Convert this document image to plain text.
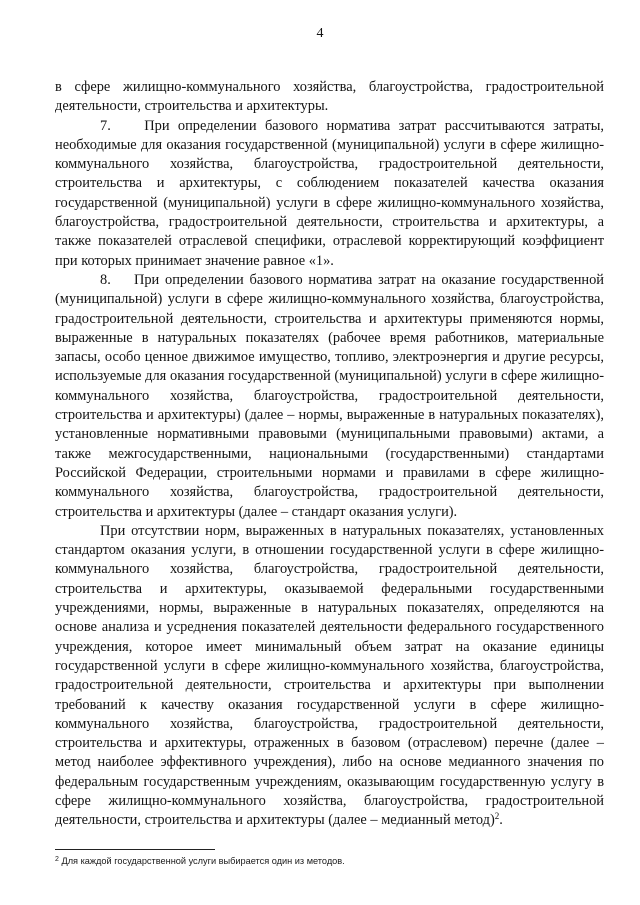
4

в сфере жилищно-коммунального хозяйства, благоустройства, градостроительной деятельности, строительства и архитектуры.

7.    При определении базового норматива затрат рассчитываются затраты, необходимые для оказания государственной (муниципальной) услуги в сфере жилищно-коммунального хозяйства, благоустройства, градостроительной деятельности, строительства и архитектуры, с соблюдением показателей качества оказания государственной (муниципальной) услуги в сфере жилищно-коммунального хозяйства, благоустройства, градостроительной деятельности, строительства и архитектуры, а также показателей отраслевой специфики, отраслевой корректирующий коэффициент при которых принимает значение равное «1».

8.    При определении базового норматива затрат на оказание государственной (муниципальной) услуги в сфере жилищно-коммунального хозяйства, благоустройства, градостроительной деятельности, строительства и архитектуры применяются нормы, выраженные в натуральных показателях (рабочее время работников, материальные запасы, особо ценное движимое имущество, топливо, электроэнергия и другие ресурсы, используемые для оказания государственной (муниципальной) услуги в сфере жилищно-коммунального хозяйства, благоустройства, градостроительной деятельности, строительства и архитектуры) (далее – нормы, выраженные в натуральных показателях), установленные нормативными правовыми (муниципальными правовыми) актами, а также межгосударственными, национальными (государственными) стандартами Российской Федерации, строительными нормами и правилами в сфере жилищно-коммунального хозяйства, благоустройства, градостроительной деятельности, строительства и архитектуры (далее – стандарт оказания услуги).

При отсутствии норм, выраженных в натуральных показателях, установленных стандартом оказания услуги, в отношении государственной услуги в сфере жилищно-коммунального хозяйства, благоустройства, градостроительной деятельности, строительства и архитектуры, оказываемой федеральными государственными учреждениями, нормы, выраженные в натуральных показателях, определяются на основе анализа и усреднения показателей деятельности федерального государственного учреждения, которое имеет минимальный объем затрат на оказание единицы государственной услуги в сфере жилищно-коммунального хозяйства, благоустройства, градостроительной деятельности, строительства и архитектуры при выполнении требований к качеству оказания государственной услуги в сфере жилищно-коммунального хозяйства, благоустройства, градостроительной деятельности, строительства и архитектуры, отраженных в базовом (отраслевом) перечне (далее – метод наиболее эффективного учреждения), либо на основе медианного значения по федеральным государственным учреждениям, оказывающим государственную услугу в сфере жилищно-коммунального хозяйства, благоустройства, градостроительной деятельности, строительства и архитектуры (далее – медианный метод)$^2$.

$^2$ Для каждой государственной услуги выбирается один из методов.
